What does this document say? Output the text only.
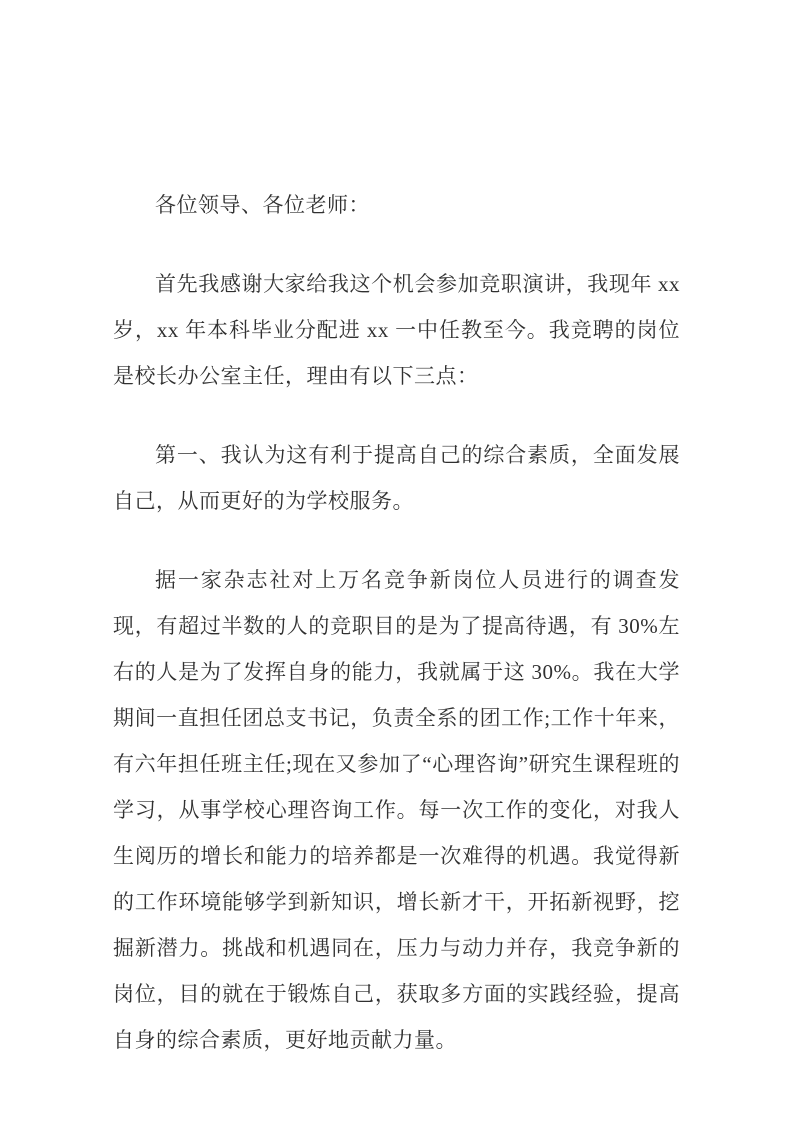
各位领导、各位老师：

首先我感谢大家给我这个机会参加竞职演讲，我现年 xx 岁，xx 年本科毕业分配进 xx 一中任教至今。我竞聘的岗位是校长办公室主任，理由有以下三点：

第一、我认为这有利于提高自己的综合素质，全面发展自己，从而更好的为学校服务。

据一家杂志社对上万名竞争新岗位人员进行的调查发现，有超过半数的人的竞职目的是为了提高待遇，有 30%左右的人是为了发挥自身的能力，我就属于这 30%。我在大学期间一直担任团总支书记，负责全系的团工作;工作十年来，有六年担任班主任;现在又参加了“心理咨询”研究生课程班的学习，从事学校心理咨询工作。每一次工作的变化，对我人生阅历的增长和能力的培养都是一次难得的机遇。我觉得新的工作环境能够学到新知识，增长新才干，开拓新视野，挖掘新潜力。挑战和机遇同在，压力与动力并存，我竞争新的岗位，目的就在于锻炼自己，获取多方面的实践经验，提高自身的综合素质，更好地贡献力量。
